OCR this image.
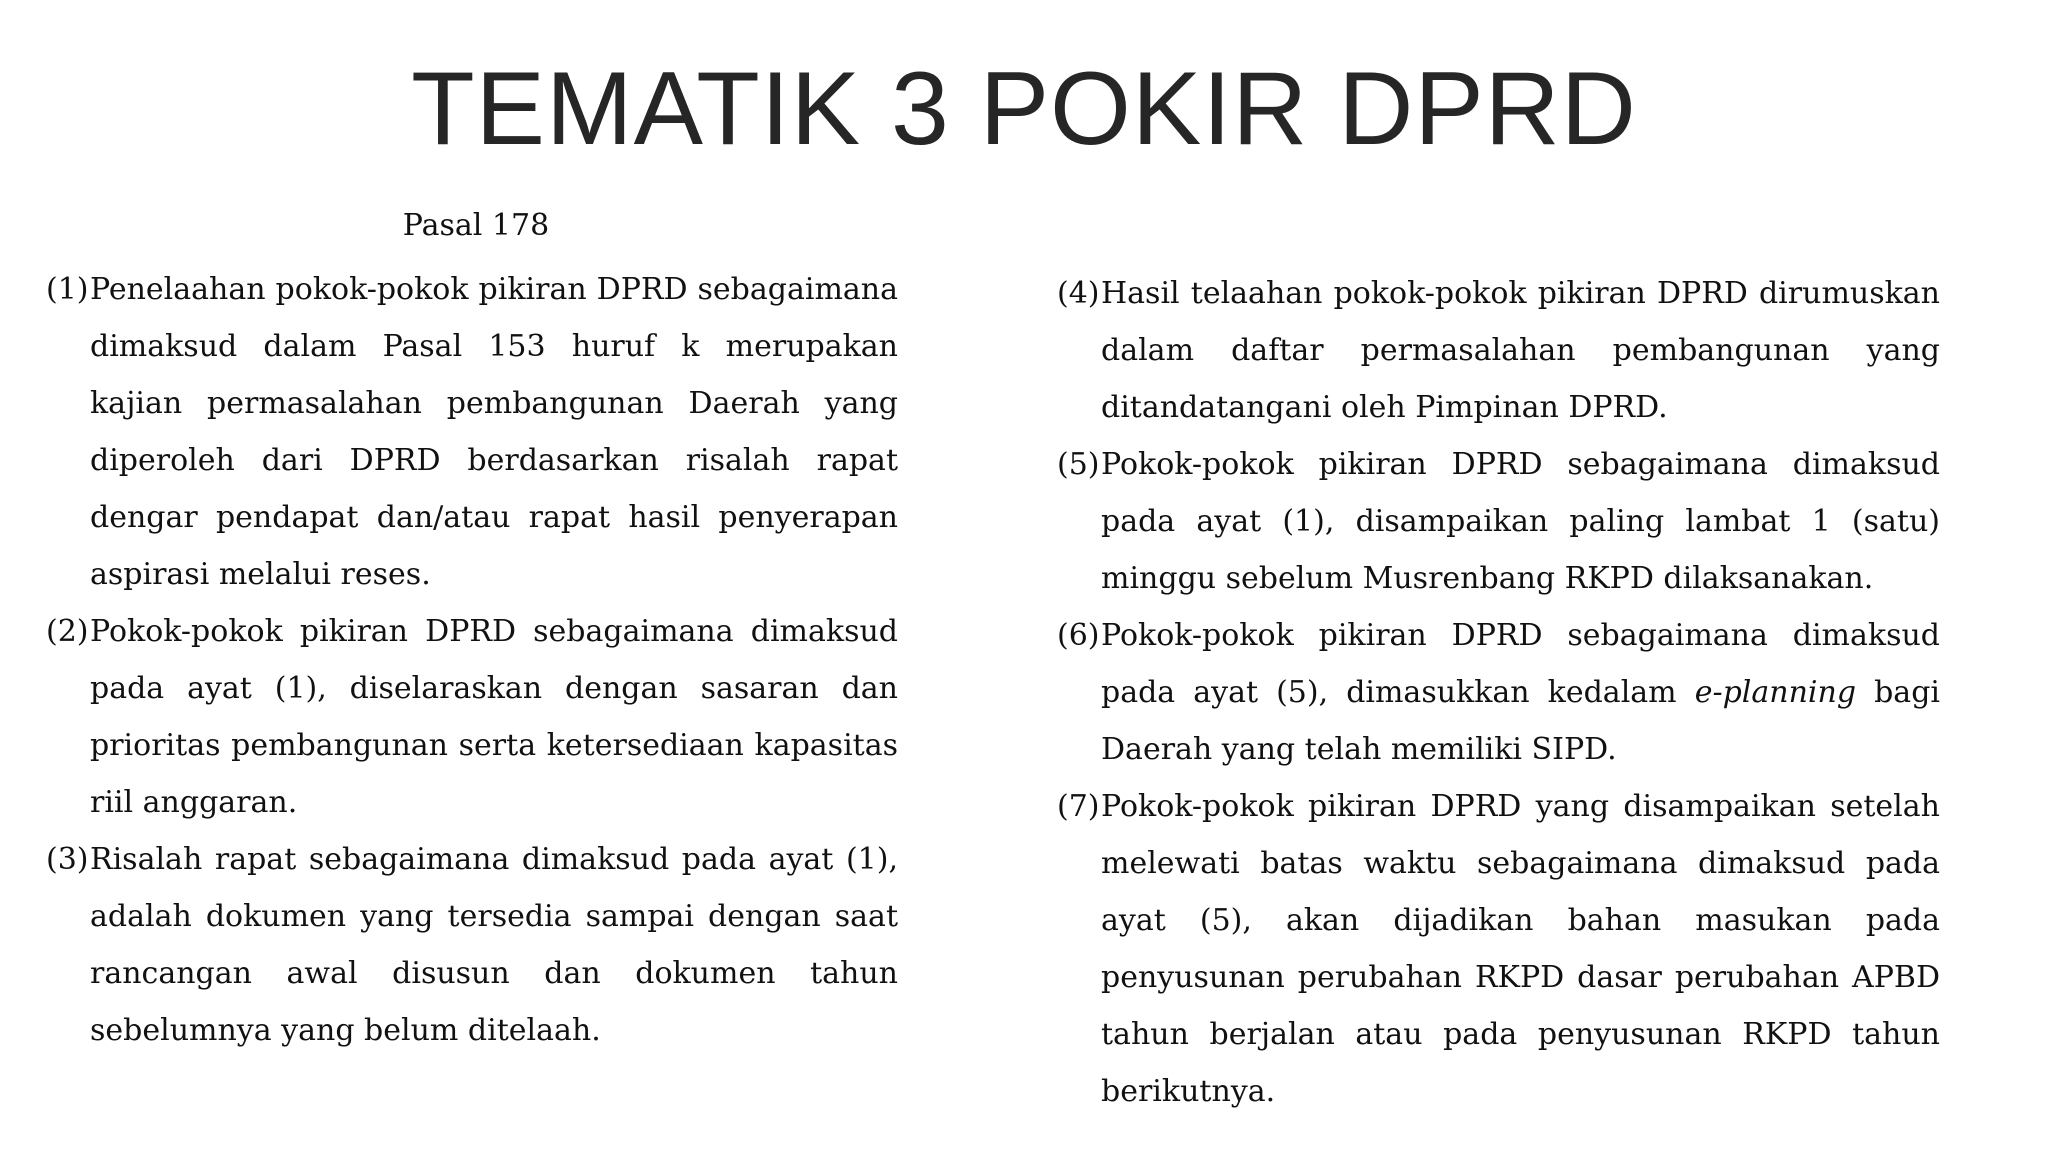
TEMATIK 3 POKIR DPRD
Pasal 178
(1) Penelaahan pokok-pokok pikiran DPRD sebagaimana dimaksud dalam Pasal 153 huruf k merupakan kajian permasalahan pembangunan Daerah yang diperoleh dari DPRD berdasarkan risalah rapat dengar pendapat dan/atau rapat hasil penyerapan aspirasi melalui reses.
(2) Pokok-pokok pikiran DPRD sebagaimana dimaksud pada ayat (1), diselaraskan dengan sasaran dan prioritas pembangunan serta ketersediaan kapasitas riil anggaran.
(3) Risalah rapat sebagaimana dimaksud pada ayat (1), adalah dokumen yang tersedia sampai dengan saat rancangan awal disusun dan dokumen tahun sebelumnya yang belum ditelaah.
(4) Hasil telaahan pokok-pokok pikiran DPRD dirumuskan dalam daftar permasalahan pembangunan yang ditandatangani oleh Pimpinan DPRD.
(5) Pokok-pokok pikiran DPRD sebagaimana dimaksud pada ayat (1), disampaikan paling lambat 1 (satu) minggu sebelum Musrenbang RKPD dilaksanakan.
(6) Pokok-pokok pikiran DPRD sebagaimana dimaksud pada ayat (5), dimasukkan kedalam e-planning bagi Daerah yang telah memiliki SIPD.
(7) Pokok-pokok pikiran DPRD yang disampaikan setelah melewati batas waktu sebagaimana dimaksud pada ayat (5), akan dijadikan bahan masukan pada penyusunan perubahan RKPD dasar perubahan APBD tahun berjalan atau pada penyusunan RKPD tahun berikutnya.
